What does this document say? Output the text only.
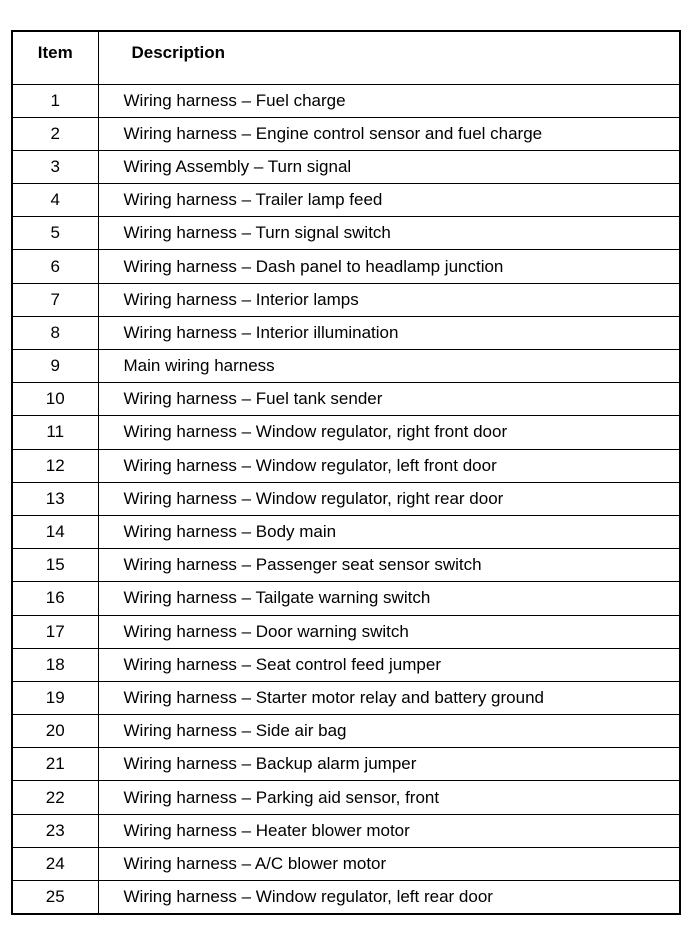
Item	Description
1	Wiring harness – Fuel charge
2	Wiring harness – Engine control sensor and fuel charge
3	Wiring Assembly – Turn signal
4	Wiring harness – Trailer lamp feed
5	Wiring harness – Turn signal switch
6	Wiring harness – Dash panel to headlamp junction
7	Wiring harness – Interior lamps
8	Wiring harness – Interior illumination
9	Main wiring harness
10	Wiring harness – Fuel tank sender
11	Wiring harness – Window regulator, right front door
12	Wiring harness – Window regulator, left front door
13	Wiring harness – Window regulator, right rear door
14	Wiring harness – Body main
15	Wiring harness – Passenger seat sensor switch
16	Wiring harness – Tailgate warning switch
17	Wiring harness – Door warning switch
18	Wiring harness – Seat control feed jumper
19	Wiring harness – Starter motor relay and battery ground
20	Wiring harness – Side air bag
21	Wiring harness – Backup alarm jumper
22	Wiring harness – Parking aid sensor, front
23	Wiring harness – Heater blower motor
24	Wiring harness – A/C blower motor
25	Wiring harness – Window regulator, left rear door
